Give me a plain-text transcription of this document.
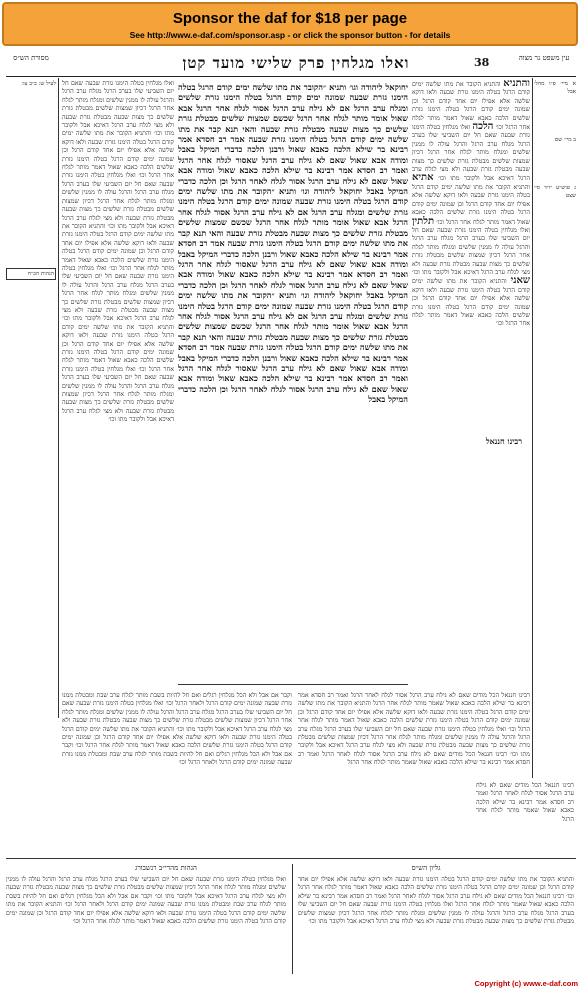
Sponsor the daf for $18 per page
See http://www.e-daf.com/sponsor.asp - or click the sponsor button - for details
מסורת הש״ס	ואלו מגלחין פרק שלישי מועד קטן	38	עין משפט נר מצוה
לעיל ש: ב״ב צו:
הגהות הב״ח
ואלו מגלחין בטלה הימנו גזרת שבעה שאם חל יום השביעי שלו בערב הרגל מגלח ערב הרגל והרגל עולה לו ממנין שלשים ומגלח מותר לגלח אחר הרגל דכיון שמצות שלשים מבטלת גזרת שלשים כך מצות שבעה מבטלת גזרת שבעה ולא מצי לגלח ערב הרגל דאיכא אבל ולקובר מתו וכו׳ והתניא הקובר את מתו שלשה ימים קודם הרגל בטלה הימנו גזרת שבעה ולאו דוקא שלשה אלא אפילו יום אחד קודם הרגל וכן שמונה ימים קודם הרגל בטלה הימנו גזרת שלשים הלכה כאבא שאול דאמר מותר לגלח אחר הרגל וכו׳ ואלו מגלחין בטלה הימנו גזרת שבעה שאם חל יום השביעי שלו בערב הרגל מגלח ערב הרגל והרגל עולה לו ממנין שלשים ומגלח מותר לגלח אחר הרגל דכיון שמצות שלשים מבטלת גזרת שלשים כך מצות שבעה מבטלת גזרת שבעה ולא מצי לגלח ערב הרגל דאיכא אבל ולקובר מתו וכו׳ והתניא הקובר את מתו שלשה ימים קודם הרגל בטלה הימנו גזרת שבעה ולאו דוקא שלשה אלא אפילו יום אחד קודם הרגל וכן שמונה ימים קודם הרגל בטלה הימנו גזרת שלשים הלכה כאבא שאול דאמר מותר לגלח אחר הרגל וכו׳ ואלו מגלחין בטלה הימנו גזרת שבעה שאם חל יום השביעי שלו בערב הרגל מגלח ערב הרגל והרגל עולה לו ממנין שלשים ומגלח מותר לגלח אחר הרגל דכיון שמצות שלשים מבטלת גזרת שלשים כך מצות שבעה מבטלת גזרת שבעה ולא מצי לגלח ערב הרגל דאיכא אבל ולקובר מתו וכו׳ והתניא הקובר את מתו שלשה ימים קודם הרגל בטלה הימנו גזרת שבעה ולאו דוקא שלשה אלא אפילו יום אחד קודם הרגל וכן שמונה ימים קודם הרגל בטלה הימנו גזרת שלשים הלכה כאבא שאול דאמר מותר לגלח אחר הרגל וכו׳ ואלו מגלחין בטלה הימנו גזרת שבעה שאם חל יום השביעי שלו בערב הרגל מגלח ערב הרגל והרגל עולה לו ממנין שלשים ומגלח מותר לגלח אחר הרגל דכיון שמצות שלשים מבטלת גזרת שלשים כך מצות שבעה מבטלת גזרת שבעה ולא מצי לגלח ערב הרגל דאיכא אבל ולקובר מתו וכו׳
יחוקאל ליהודה וגו׳ ותניא ״הקובר את מתו שלשה ימים קודם הרגל בטלה הימנו גזרת שבעה שמונה ימים קודם הרגל בטלה הימנו גזרת שלשים ומגלח ערב הרגל אם לא גילח ערב הרגל אסור לגלח אחר הרגל אבא שאול אומר מותר לגלח אחר הרגל שכשם שמצות שלשים מבטלת גזרת שלשים כך מצות שבעה מבטלת גזרת שבעה והאי תנא קבר את מתו שלשה ימים קודם הרגל בטלה הימנו גזרת שבעה אמר רב חסדא אמר רבינא בר שילא הלכה כאבא שאול ורבנן הלכה כדברי המיקל באבל ומודה אבא שאול שאם לא גילח ערב הרגל שאסור לגלח אחר הרגל ואמר רב חסדא אמר רבינא בר שילא הלכה כאבא שאול ומודה אבא שאול שאם לא גילח ערב הרגל אסור לגלח לאחר הרגל וכן הלכה כדברי המיקל באבל יחוקאל ליהודה וגו׳ ותניא ״הקובר את מתו שלשה ימים קודם הרגל בטלה הימנו גזרת שבעה שמונה ימים קודם הרגל בטלה הימנו גזרת שלשים ומגלח ערב הרגל אם לא גילח ערב הרגל אסור לגלח אחר הרגל אבא שאול אומר מותר לגלח אחר הרגל שכשם שמצות שלשים מבטלת גזרת שלשים כך מצות שבעה מבטלת גזרת שבעה והאי תנא קבר את מתו שלשה ימים קודם הרגל בטלה הימנו גזרת שבעה אמר רב חסדא אמר רבינא בר שילא הלכה כאבא שאול ורבנן הלכה כדברי המיקל באבל ומודה אבא שאול שאם לא גילח ערב הרגל שאסור לגלח אחר הרגל ואמר רב חסדא אמר רבינא בר שילא הלכה כאבא שאול ומודה אבא שאול שאם לא גילח ערב הרגל אסור לגלח לאחר הרגל וכן הלכה כדברי המיקל באבל יחוקאל ליהודה וגו׳ ותניא ״הקובר את מתו שלשה ימים קודם הרגל בטלה הימנו גזרת שבעה שמונה ימים קודם הרגל בטלה הימנו גזרת שלשים ומגלח ערב הרגל אם לא גילח ערב הרגל אסור לגלח אחר הרגל אבא שאול אומר מותר לגלח אחר הרגל שכשם שמצות שלשים מבטלת גזרת שלשים כך מצות שבעה מבטלת גזרת שבעה והאי תנא קבר את מתו שלשה ימים קודם הרגל בטלה הימנו גזרת שבעה אמר רב חסדא אמר רבינא בר שילא הלכה כאבא שאול ורבנן הלכה כדברי המיקל באבל ומודה אבא שאול שאם לא גילח ערב הרגל שאסור לגלח אחר הרגל ואמר רב חסדא אמר רבינא בר שילא הלכה כאבא שאול ומודה אבא שאול שאם לא גילח ערב הרגל אסור לגלח לאחר הרגל וכן הלכה כדברי המיקל באבל
והתניא והתניא הקובר את מתו שלשה ימים קודם הרגל בטלה הימנו גזרת שבעה ולאו דוקא שלשה אלא אפילו יום אחד קודם הרגל וכן שמונה ימים קודם הרגל בטלה הימנו גזרת שלשים הלכה כאבא שאול דאמר מותר לגלח אחר הרגל וכו׳ הלכה ואלו מגלחין בטלה הימנו גזרת שבעה שאם חל יום השביעי שלו בערב הרגל מגלח ערב הרגל והרגל עולה לו ממנין שלשים ומגלח מותר לגלח אחר הרגל דכיון שמצות שלשים מבטלת גזרת שלשים כך מצות שבעה מבטלת גזרת שבעה ולא מצי לגלח ערב הרגל דאיכא אבל ולקובר מתו וכו׳ אתיא והתניא הקובר את מתו שלשה ימים קודם הרגל בטלה הימנו גזרת שבעה ולאו דוקא שלשה אלא אפילו יום אחד קודם הרגל וכן שמונה ימים קודם הרגל בטלה הימנו גזרת שלשים הלכה כאבא שאול דאמר מותר לגלח אחר הרגל וכו׳ תלתין ואלו מגלחין בטלה הימנו גזרת שבעה שאם חל יום השביעי שלו בערב הרגל מגלח ערב הרגל והרגל עולה לו ממנין שלשים ומגלח מותר לגלח אחר הרגל דכיון שמצות שלשים מבטלת גזרת שלשים כך מצות שבעה מבטלת גזרת שבעה ולא מצי לגלח ערב הרגל דאיכא אבל ולקובר מתו וכו׳ שאני והתניא הקובר את מתו שלשה ימים קודם הרגל בטלה הימנו גזרת שבעה ולאו דוקא שלשה אלא אפילו יום אחד קודם הרגל וכן שמונה ימים קודם הרגל בטלה הימנו גזרת שלשים הלכה כאבא שאול דאמר מותר לגלח אחר הרגל וכו׳
א מיי׳ פ״ו מהל׳ אבל
ב מיי׳ שם
ג טוש״ע יו״ד סי׳ שצט
רבינו חננאל
וקבר אם אבל ולא הכל מגלחין רגלים ואם חל להיות בשבת מותר לגלח ערב שבת ומבטלת ממנו גזרת שבעה שמונה ימים קודם הרגל ולאחר הרגל וכו׳ ואלו מגלחין בטלה הימנו גזרת שבעה שאם חל יום השביעי שלו בערב הרגל מגלח ערב הרגל והרגל עולה לו ממנין שלשים ומגלח מותר לגלח אחר הרגל דכיון שמצות שלשים מבטלת גזרת שלשים כך מצות שבעה מבטלת גזרת שבעה ולא מצי לגלח ערב הרגל דאיכא אבל ולקובר מתו וכו׳ והתניא הקובר את מתו שלשה ימים קודם הרגל בטלה הימנו גזרת שבעה ולאו דוקא שלשה אלא אפילו יום אחד קודם הרגל וכן שמונה ימים קודם הרגל בטלה הימנו גזרת שלשים הלכה כאבא שאול דאמר מותר לגלח אחר הרגל וכו׳ וקבר אם אבל ולא הכל מגלחין רגלים ואם חל להיות בשבת מותר לגלח ערב שבת ומבטלת ממנו גזרת שבעה שמונה ימים קודם הרגל ולאחר הרגל וכו׳
רבינו חננאל הכל מודים שאם לא גילח ערב הרגל אסור לגלח לאחר הרגל ואמר רב חסדא אמר רבינא בר שילא הלכה כאבא שאול שאמר מותר לגלח אחר הרגל והתניא הקובר את מתו שלשה ימים קודם הרגל בטלה הימנו גזרת שבעה ולאו דוקא שלשה אלא אפילו יום אחד קודם הרגל וכן שמונה ימים קודם הרגל בטלה הימנו גזרת שלשים הלכה כאבא שאול דאמר מותר לגלח אחר הרגל וכו׳ ואלו מגלחין בטלה הימנו גזרת שבעה שאם חל יום השביעי שלו בערב הרגל מגלח ערב הרגל והרגל עולה לו ממנין שלשים ומגלח מותר לגלח אחר הרגל דכיון שמצות שלשים מבטלת גזרת שלשים כך מצות שבעה מבטלת גזרת שבעה ולא מצי לגלח ערב הרגל דאיכא אבל ולקובר מתו וכו׳ רבינו חננאל הכל מודים שאם לא גילח ערב הרגל אסור לגלח לאחר הרגל ואמר רב חסדא אמר רבינא בר שילא הלכה כאבא שאול שאמר מותר לגלח אחר הרגל
רבינו חננאל הכל מודים שאם לא גילח ערב הרגל אסור לגלח לאחר הרגל ואמר רב חסדא אמר רבינא בר שילא הלכה כאבא שאול שאמר מותר לגלח אחר הרגל
הגהות מהרי״ב רנשבורג	גליון הש״ס
ואלו מגלחין בטלה הימנו גזרת שבעה שאם חל יום השביעי שלו בערב הרגל מגלח ערב הרגל והרגל עולה לו ממנין שלשים ומגלח מותר לגלח אחר הרגל דכיון שמצות שלשים מבטלת גזרת שלשים כך מצות שבעה מבטלת גזרת שבעה ולא מצי לגלח ערב הרגל דאיכא אבל ולקובר מתו וכו׳ וקבר אם אבל ולא הכל מגלחין רגלים ואם חל להיות בשבת מותר לגלח ערב שבת ומבטלת ממנו גזרת שבעה שמונה ימים קודם הרגל ולאחר הרגל וכו׳ והתניא הקובר את מתו שלשה ימים קודם הרגל בטלה הימנו גזרת שבעה ולאו דוקא שלשה אלא אפילו יום אחד קודם הרגל וכן שמונה ימים קודם הרגל בטלה הימנו גזרת שלשים הלכה כאבא שאול דאמר מותר לגלח אחר הרגל וכו׳
והתניא הקובר את מתו שלשה ימים קודם הרגל בטלה הימנו גזרת שבעה ולאו דוקא שלשה אלא אפילו יום אחד קודם הרגל וכן שמונה ימים קודם הרגל בטלה הימנו גזרת שלשים הלכה כאבא שאול דאמר מותר לגלח אחר הרגל וכו׳ רבינו חננאל הכל מודים שאם לא גילח ערב הרגל אסור לגלח לאחר הרגל ואמר רב חסדא אמר רבינא בר שילא הלכה כאבא שאול שאמר מותר לגלח אחר הרגל ואלו מגלחין בטלה הימנו גזרת שבעה שאם חל יום השביעי שלו בערב הרגל מגלח ערב הרגל והרגל עולה לו ממנין שלשים ומגלח מותר לגלח אחר הרגל דכיון שמצות שלשים מבטלת גזרת שלשים כך מצות שבעה מבטלת גזרת שבעה ולא מצי לגלח ערב הרגל דאיכא אבל ולקובר מתו וכו׳
Copyright (c) www.e-daf.com
